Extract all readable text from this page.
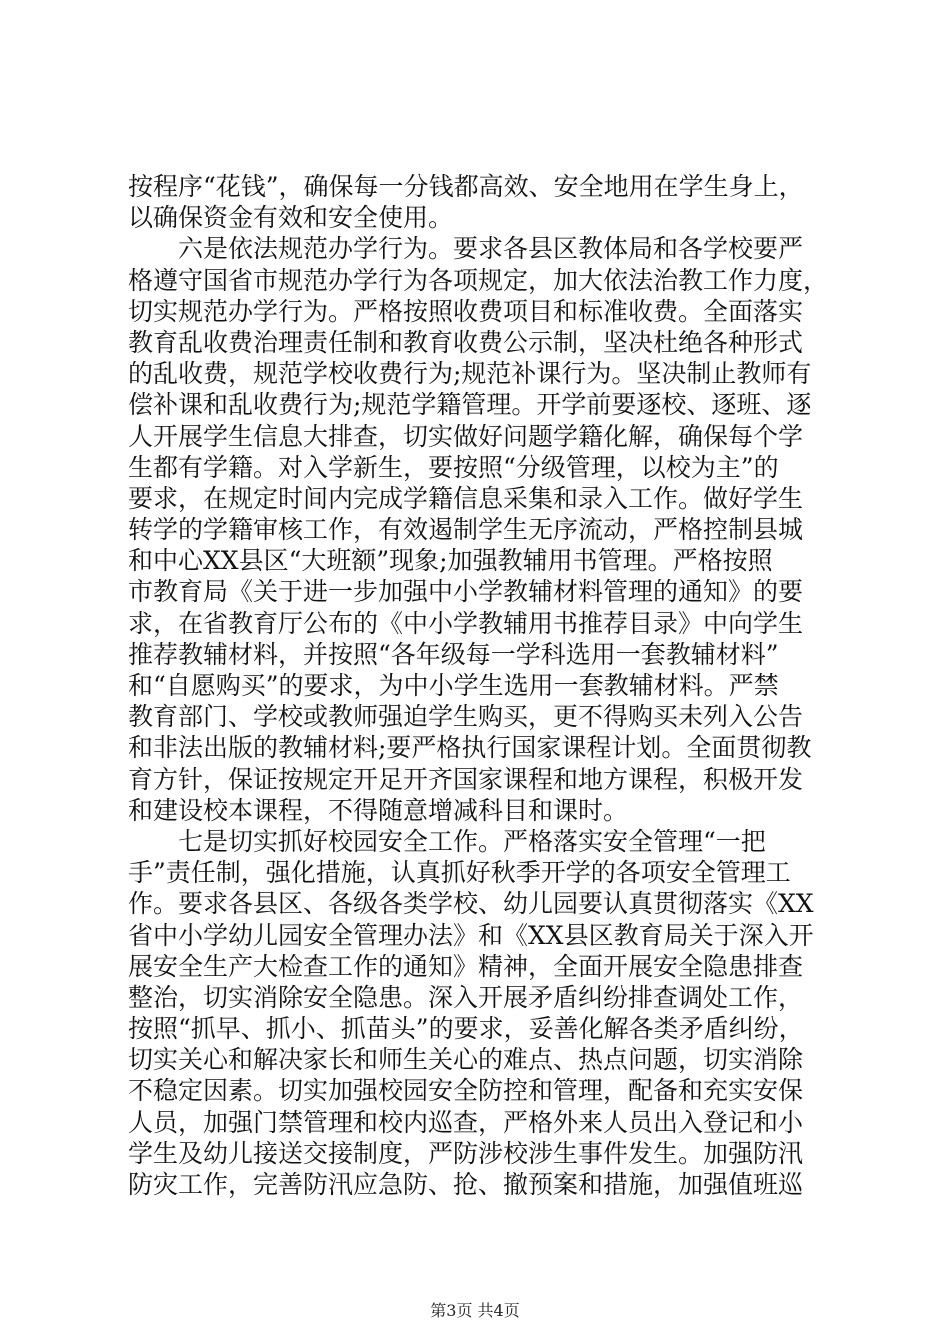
按程序“花钱”，确保每一分钱都高效、安全地用在学生身上，
以确保资金有效和安全使用。
　　六是依法规范办学行为。要求各县区教体局和各学校要严
格遵守国省市规范办学行为各项规定，加大依法治教工作力度，
切实规范办学行为。严格按照收费项目和标准收费。全面落实
教育乱收费治理责任制和教育收费公示制，坚决杜绝各种形式
的乱收费，规范学校收费行为;规范补课行为。坚决制止教师有
偿补课和乱收费行为;规范学籍管理。开学前要逐校、逐班、逐
人开展学生信息大排查，切实做好问题学籍化解，确保每个学
生都有学籍。对入学新生，要按照“分级管理，以校为主”的
要求，在规定时间内完成学籍信息采集和录入工作。做好学生
转学的学籍审核工作，有效遏制学生无序流动，严格控制县城
和中心XX县区“大班额”现象;加强教辅用书管理。严格按照
市教育局《关于进一步加强中小学教辅材料管理的通知》的要
求，在省教育厅公布的《中小学教辅用书推荐目录》中向学生
推荐教辅材料，并按照“各年级每一学科选用一套教辅材料”
和“自愿购买”的要求，为中小学生选用一套教辅材料。严禁
教育部门、学校或教师强迫学生购买，更不得购买未列入公告
和非法出版的教辅材料;要严格执行国家课程计划。全面贯彻教
育方针，保证按规定开足开齐国家课程和地方课程，积极开发
和建设校本课程，不得随意增减科目和课时。
　　七是切实抓好校园安全工作。严格落实安全管理“一把
手”责任制，强化措施，认真抓好秋季开学的各项安全管理工
作。要求各县区、各级各类学校、幼儿园要认真贯彻落实《XX
省中小学幼儿园安全管理办法》和《XX县区教育局关于深入开
展安全生产大检查工作的通知》精神，全面开展安全隐患排查
整治，切实消除安全隐患。深入开展矛盾纠纷排查调处工作，
按照“抓早、抓小、抓苗头”的要求，妥善化解各类矛盾纠纷，
切实关心和解决家长和师生关心的难点、热点问题，切实消除
不稳定因素。切实加强校园安全防控和管理，配备和充实安保
人员，加强门禁管理和校内巡查，严格外来人员出入登记和小
学生及幼儿接送交接制度，严防涉校涉生事件发生。加强防汛
防灾工作，完善防汛应急防、抢、撤预案和措施，加强值班巡
第3页 共4页
